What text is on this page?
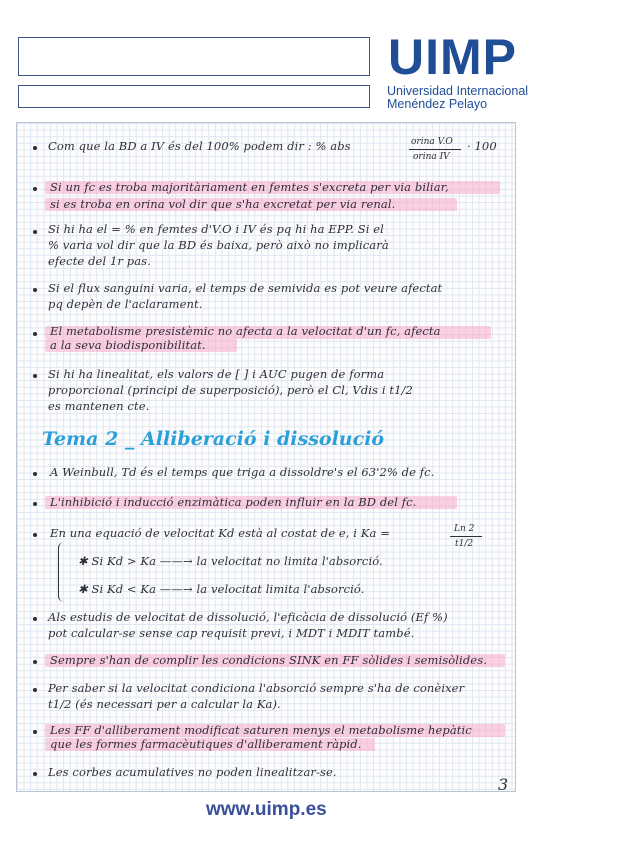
UIMP
Universidad Internacional
Menéndez Pelayo
Com que la BD a IV és del 100% podem dir : % abs	orina V.O
orina IV
· 100
Si un fc es troba majoritàriament en femtes s'excreta per via biliar,
si es troba en orina vol dir que s'ha excretat per via renal.
Si hi ha el = % en femtes d'V.O i IV és pq hi ha EPP. Si el
% varia vol dir que la BD és baixa, però això no implicarà
efecte del 1r pas.
Si el flux sanguini varia, el temps de semivida es pot veure afectat
pq depèn de l'aclarament.
El metabolisme presistèmic no afecta a la velocitat d'un fc, afecta
a la seva biodisponibilitat.
Si hi ha linealitat, els valors de [ ] i AUC pugen de forma
proporcional (principi de superposició), però el Cl, Vdis i t1/2
es mantenen cte.
Tema 2 _ Alliberació i dissolució
A Weinbull, Td és el temps que triga a dissoldre's el 63'2% de fc.
L'inhibició i inducció enzimàtica poden influir en la BD del fc.
En una equació de velocitat Kd està al costat de e, i Ka =	Ln 2
t1/2
✱ Si Kd > Ka ——→ la velocitat no limita l'absorció.
✱ Si Kd < Ka ——→ la velocitat limita l'absorció.
Als estudis de velocitat de dissolució, l'eficàcia de dissolució (Ef %)
pot calcular-se sense cap requisit previ, i MDT i MDIT també.
Sempre s'han de complir les condicions SINK en FF sòlides i semisòlides.
Per saber si la velocitat condiciona l'absorció sempre s'ha de conèixer
t1/2 (és necessari per a calcular la Ka).
Les FF d'alliberament modificat saturen menys el metabolisme hepàtic
que les formes farmacèutiques d'alliberament ràpid.
Les corbes acumulatives no poden linealitzar-se.
3
www.uimp.es
